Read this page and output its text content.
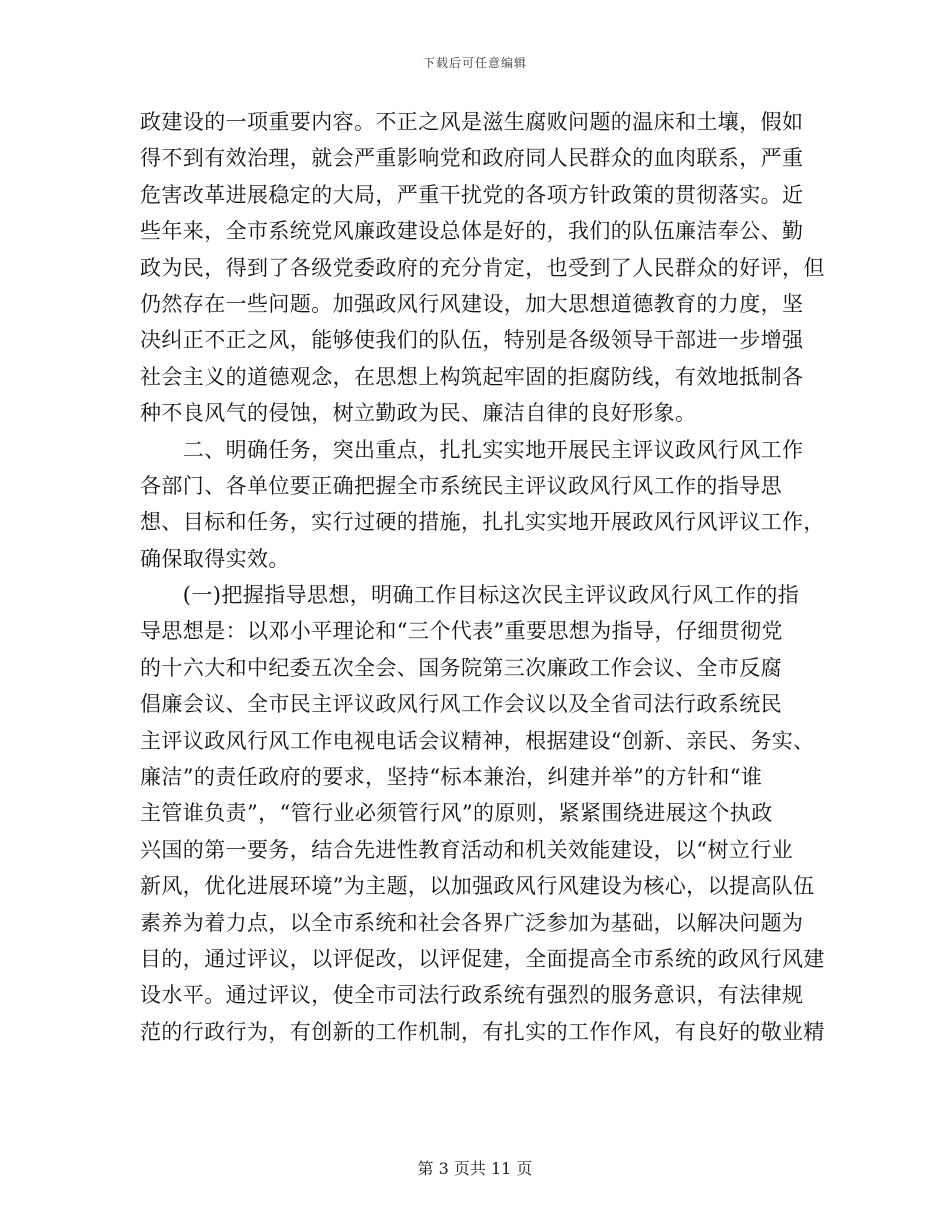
下载后可任意编辑
政建设的一项重要内容。不正之风是滋生腐败问题的温床和土壤，假如
得不到有效治理，就会严重影响党和政府同人民群众的血肉联系，严重
危害改革进展稳定的大局，严重干扰党的各项方针政策的贯彻落实。近
些年来，全市系统党风廉政建设总体是好的，我们的队伍廉洁奉公、勤
政为民，得到了各级党委政府的充分肯定，也受到了人民群众的好评，但
仍然存在一些问题。加强政风行风建设，加大思想道德教育的力度，坚
决纠正不正之风，能够使我们的队伍，特别是各级领导干部进一步增强
社会主义的道德观念，在思想上构筑起牢固的拒腐防线，有效地抵制各
种不良风气的侵蚀，树立勤政为民、廉洁自律的良好形象。
　　二、明确任务，突出重点，扎扎实实地开展民主评议政风行风工作
各部门、各单位要正确把握全市系统民主评议政风行风工作的指导思
想、目标和任务，实行过硬的措施，扎扎实实地开展政风行风评议工作，
确保取得实效。
　　(一)把握指导思想，明确工作目标这次民主评议政风行风工作的指
导思想是：以邓小平理论和“三个代表”重要思想为指导，仔细贯彻党
的十六大和中纪委五次全会、国务院第三次廉政工作会议、全市反腐
倡廉会议、全市民主评议政风行风工作会议以及全省司法行政系统民
主评议政风行风工作电视电话会议精神，根据建设“创新、亲民、务实、
廉洁”的责任政府的要求，坚持“标本兼治，纠建并举”的方针和“谁
主管谁负责”，“管行业必须管行风”的原则，紧紧围绕进展这个执政
兴国的第一要务，结合先进性教育活动和机关效能建设，以“树立行业
新风，优化进展环境”为主题，以加强政风行风建设为核心，以提高队伍
素养为着力点，以全市系统和社会各界广泛参加为基础，以解决问题为
目的，通过评议，以评促改，以评促建，全面提高全市系统的政风行风建
设水平。通过评议，使全市司法行政系统有强烈的服务意识，有法律规
范的行政行为，有创新的工作机制，有扎实的工作作风，有良好的敬业精
第 3 页共 11 页
